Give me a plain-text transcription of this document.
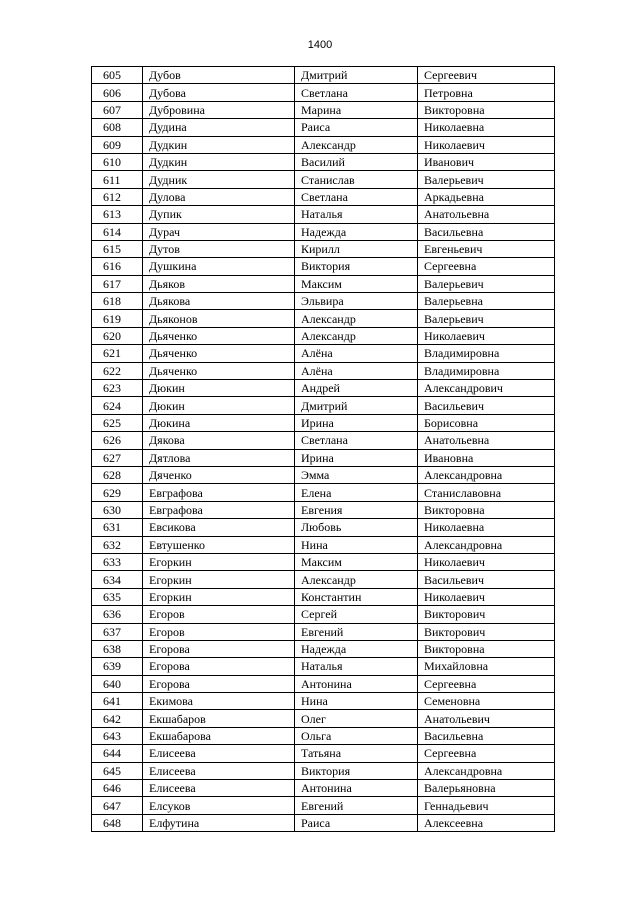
1400
605	Дубов	Дмитрий	Сергеевич
606	Дубова	Светлана	Петровна
607	Дубровина	Марина	Викторовна
608	Дудина	Раиса	Николаевна
609	Дудкин	Александр	Николаевич
610	Дудкин	Василий	Иванович
611	Дудник	Станислав	Валерьевич
612	Дулова	Светлана	Аркадьевна
613	Дупик	Наталья	Анатольевна
614	Дурач	Надежда	Васильевна
615	Дутов	Кирилл	Евгеньевич
616	Душкина	Виктория	Сергеевна
617	Дьяков	Максим	Валерьевич
618	Дьякова	Эльвира	Валерьевна
619	Дьяконов	Александр	Валерьевич
620	Дьяченко	Александр	Николаевич
621	Дьяченко	Алёна	Владимировна
622	Дьяченко	Алёна	Владимировна
623	Дюкин	Андрей	Александрович
624	Дюкин	Дмитрий	Васильевич
625	Дюкина	Ирина	Борисовна
626	Дякова	Светлана	Анатольевна
627	Дятлова	Ирина	Ивановна
628	Дяченко	Эмма	Александровна
629	Евграфова	Елена	Станиславовна
630	Евграфова	Евгения	Викторовна
631	Евсикова	Любовь	Николаевна
632	Евтушенко	Нина	Александровна
633	Егоркин	Максим	Николаевич
634	Егоркин	Александр	Васильевич
635	Егоркин	Константин	Николаевич
636	Егоров	Сергей	Викторович
637	Егоров	Евгений	Викторович
638	Егорова	Надежда	Викторовна
639	Егорова	Наталья	Михайловна
640	Егорова	Антонина	Сергеевна
641	Екимова	Нина	Семеновна
642	Екшабаров	Олег	Анатольевич
643	Екшабарова	Ольга	Васильевна
644	Елисеева	Татьяна	Сергеевна
645	Елисеева	Виктория	Александровна
646	Елисеева	Антонина	Валерьяновна
647	Елсуков	Евгений	Геннадьевич
648	Елфутина	Раиса	Алексеевна
